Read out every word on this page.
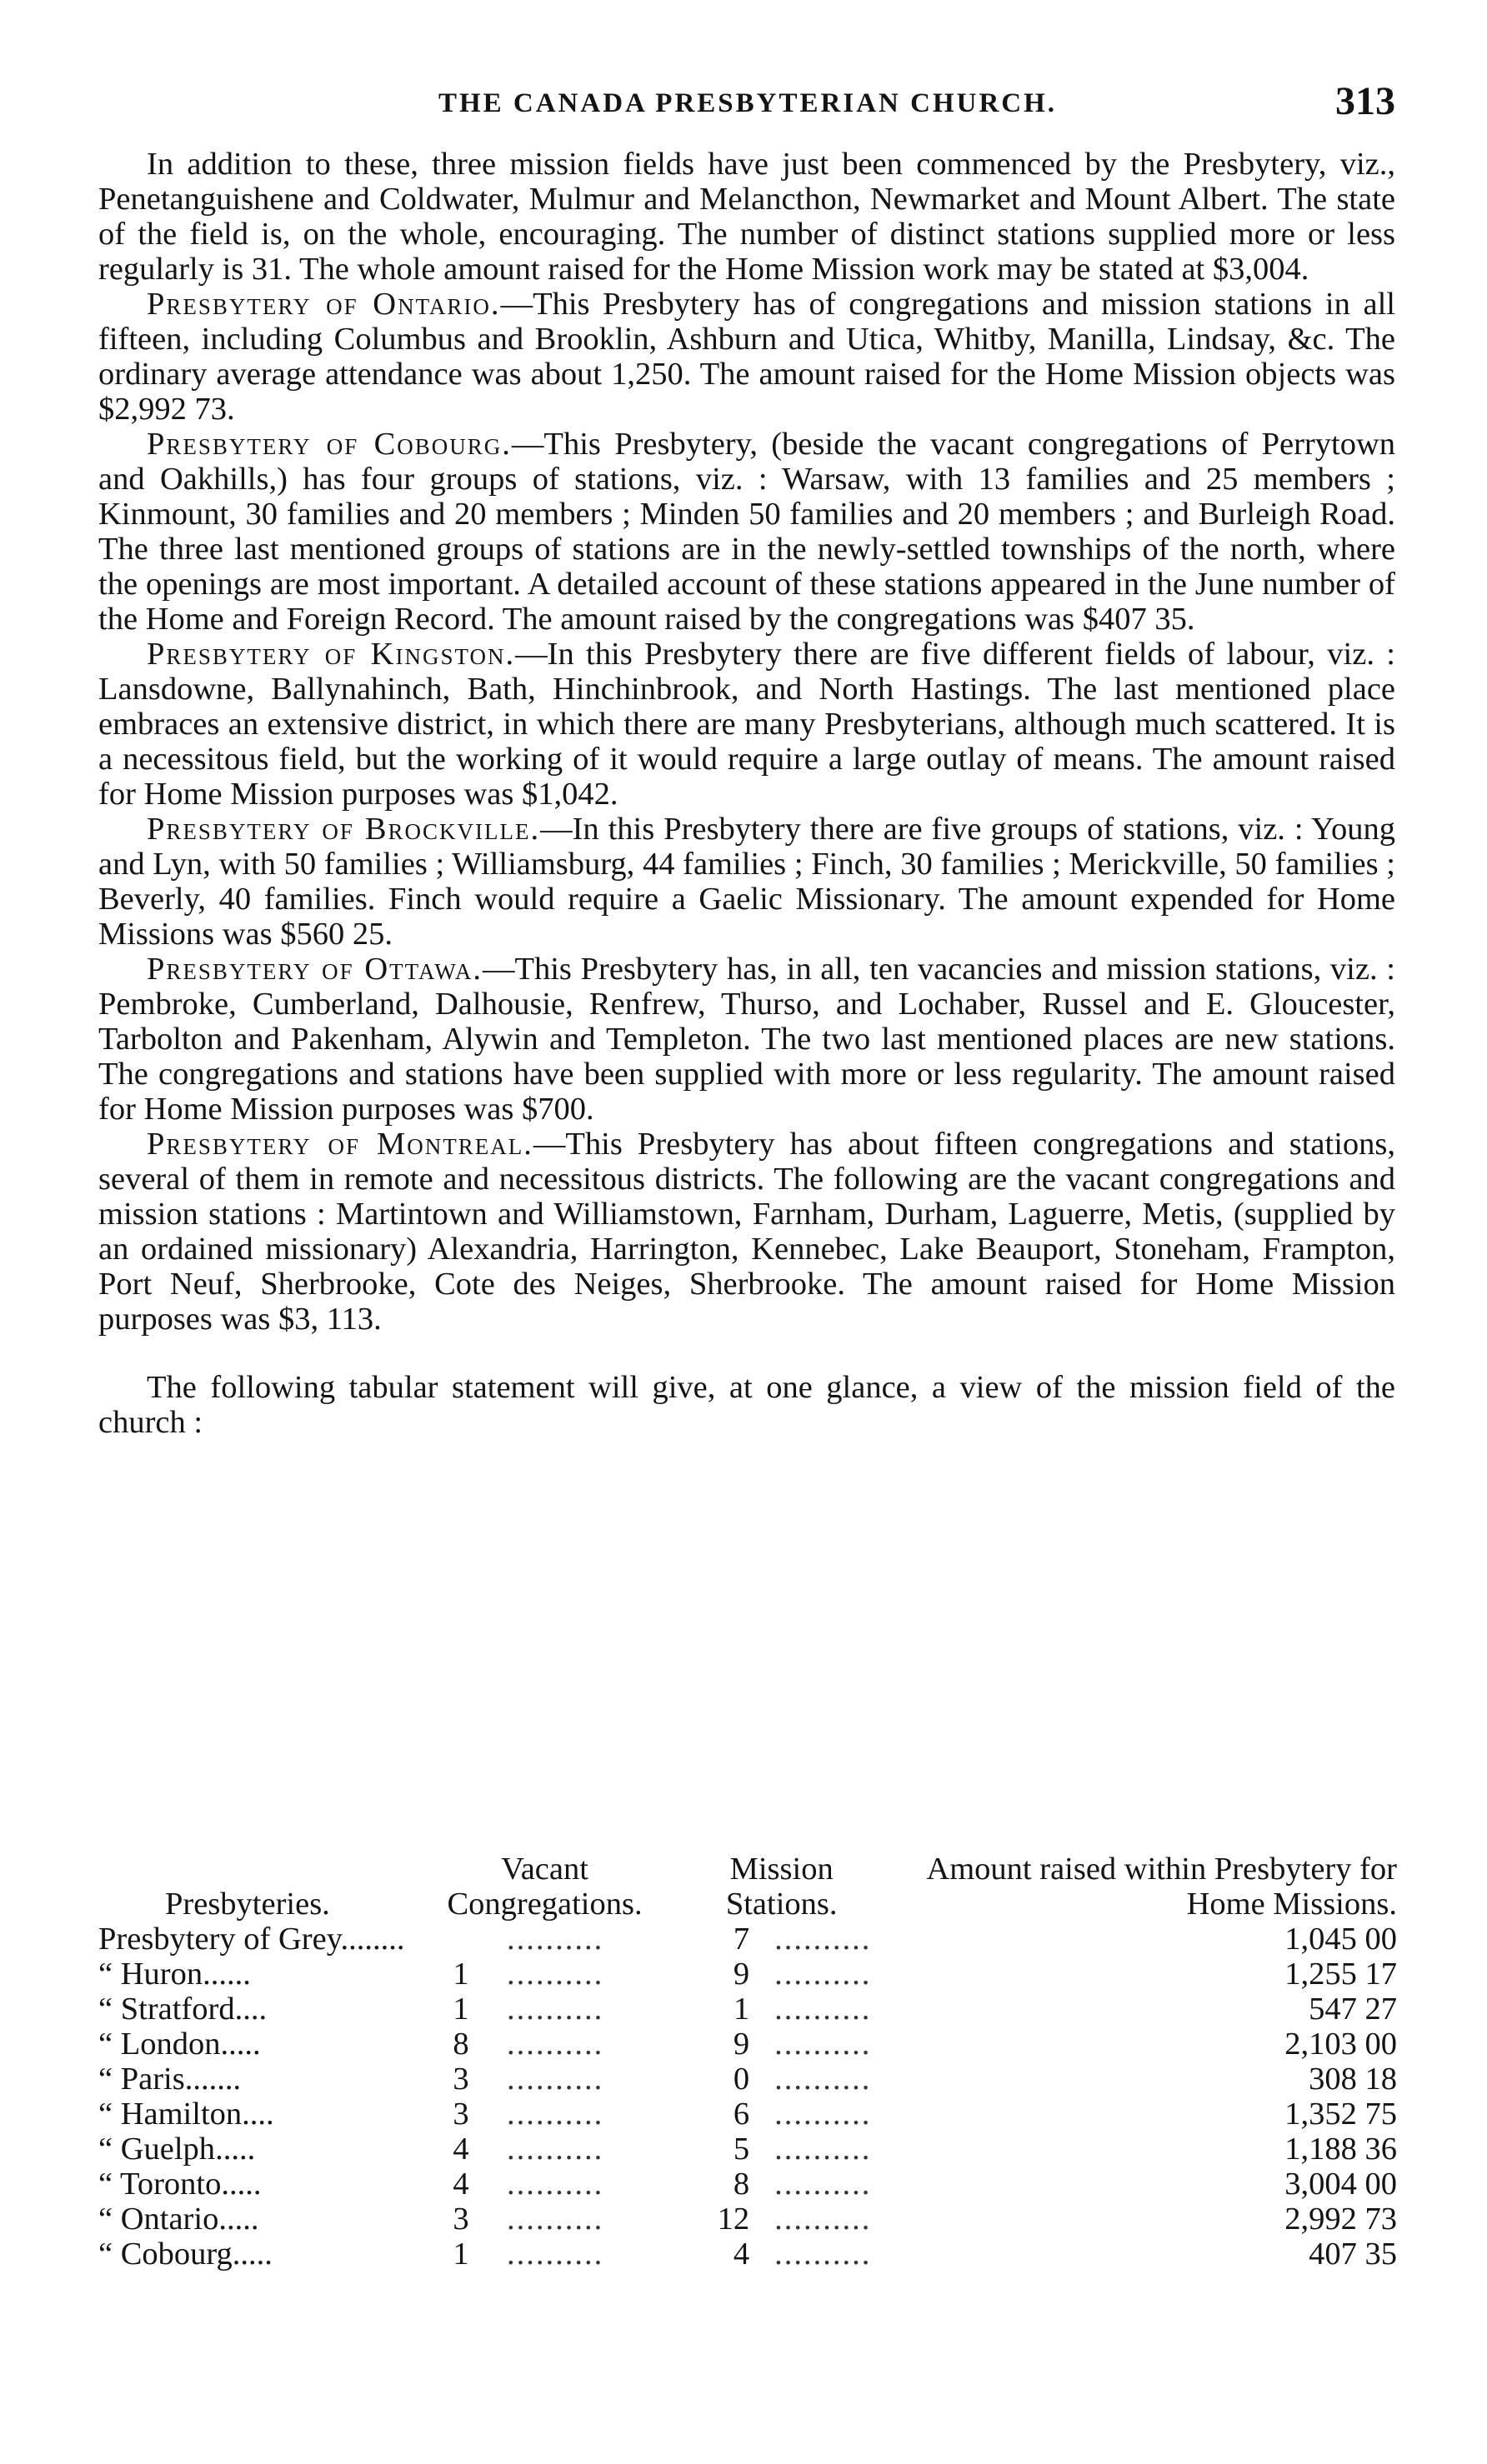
THE CANADA PRESBYTERIAN CHURCH.	313

In addition to these, three mission fields have just been commenced by the Presbytery, viz., Penetanguishene and Coldwater, Mulmur and Melancthon, Newmarket and Mount Albert. The state of the field is, on the whole, encouraging. The number of distinct stations supplied more or less regularly is 31. The whole amount raised for the Home Mission work may be stated at $3,004.

Presbytery of Ontario.—This Presbytery has of congregations and mission stations in all fifteen, including Columbus and Brooklin, Ashburn and Utica, Whitby, Manilla, Lindsay, &c. The ordinary average attendance was about 1,250. The amount raised for the Home Mission objects was $2,992 73.

Presbytery of Cobourg.—This Presbytery, (beside the vacant congregations of Perrytown and Oakhills,) has four groups of stations, viz. : Warsaw, with 13 families and 25 members ; Kinmount, 30 families and 20 members ; Minden 50 families and 20 members ; and Burleigh Road. The three last mentioned groups of stations are in the newly-settled townships of the north, where the openings are most important. A detailed account of these stations appeared in the June number of the Home and Foreign Record. The amount raised by the congregations was $407 35.

Presbytery of Kingston.—In this Presbytery there are five different fields of labour, viz. : Lansdowne, Ballynahinch, Bath, Hinchinbrook, and North Hastings. The last mentioned place embraces an extensive district, in which there are many Presbyterians, although much scattered. It is a necessitous field, but the working of it would require a large outlay of means. The amount raised for Home Mission purposes was $1,042.

Presbytery of Brockville.—In this Presbytery there are five groups of stations, viz. : Young and Lyn, with 50 families ; Williamsburg, 44 families ; Finch, 30 families ; Merickville, 50 families ; Beverly, 40 families. Finch would require a Gaelic Missionary. The amount expended for Home Missions was $560 25.

Presbytery of Ottawa.—This Presbytery has, in all, ten vacancies and mission stations, viz. : Pembroke, Cumberland, Dalhousie, Renfrew, Thurso, and Lochaber, Russel and E. Gloucester, Tarbolton and Pakenham, Alywin and Templeton. The two last mentioned places are new stations. The congregations and stations have been supplied with more or less regularity. The amount raised for Home Mission purposes was $700.

Presbytery of Montreal.—This Presbytery has about fifteen congregations and stations, several of them in remote and necessitous districts. The following are the vacant congregations and mission stations : Martintown and Williamstown, Farnham, Durham, Laguerre, Metis, (supplied by an ordained missionary) Alexandria, Harrington, Kennebec, Lake Beauport, Stoneham, Frampton, Port Neuf, Sherbrooke, Cote des Neiges, Sherbrooke. The amount raised for Home Mission purposes was $3, 113.

The following tabular statement will give, at one glance, a view of the mission field of the church :

Presbyteries.	Vacant Congregations.		Mission Stations.		Amount raised within Presbytery for Home Missions.
Presbytery of Grey........		..........	7	..........	1,045 00
“ Huron......	1	..........	9	..........	1,255 17
“ Stratford....	1	..........	1	..........	547 27
“ London.....	8	..........	9	..........	2,103 00
“ Paris.......	3	..........	0	..........	308 18
“ Hamilton....	3	..........	6	..........	1,352 75
“ Guelph.....	4	..........	5	..........	1,188 36
“ Toronto.....	4	..........	8	..........	3,004 00
“ Ontario.....	3	..........	12	..........	2,992 73
“ Cobourg.....	1	..........	4	..........	407 35
